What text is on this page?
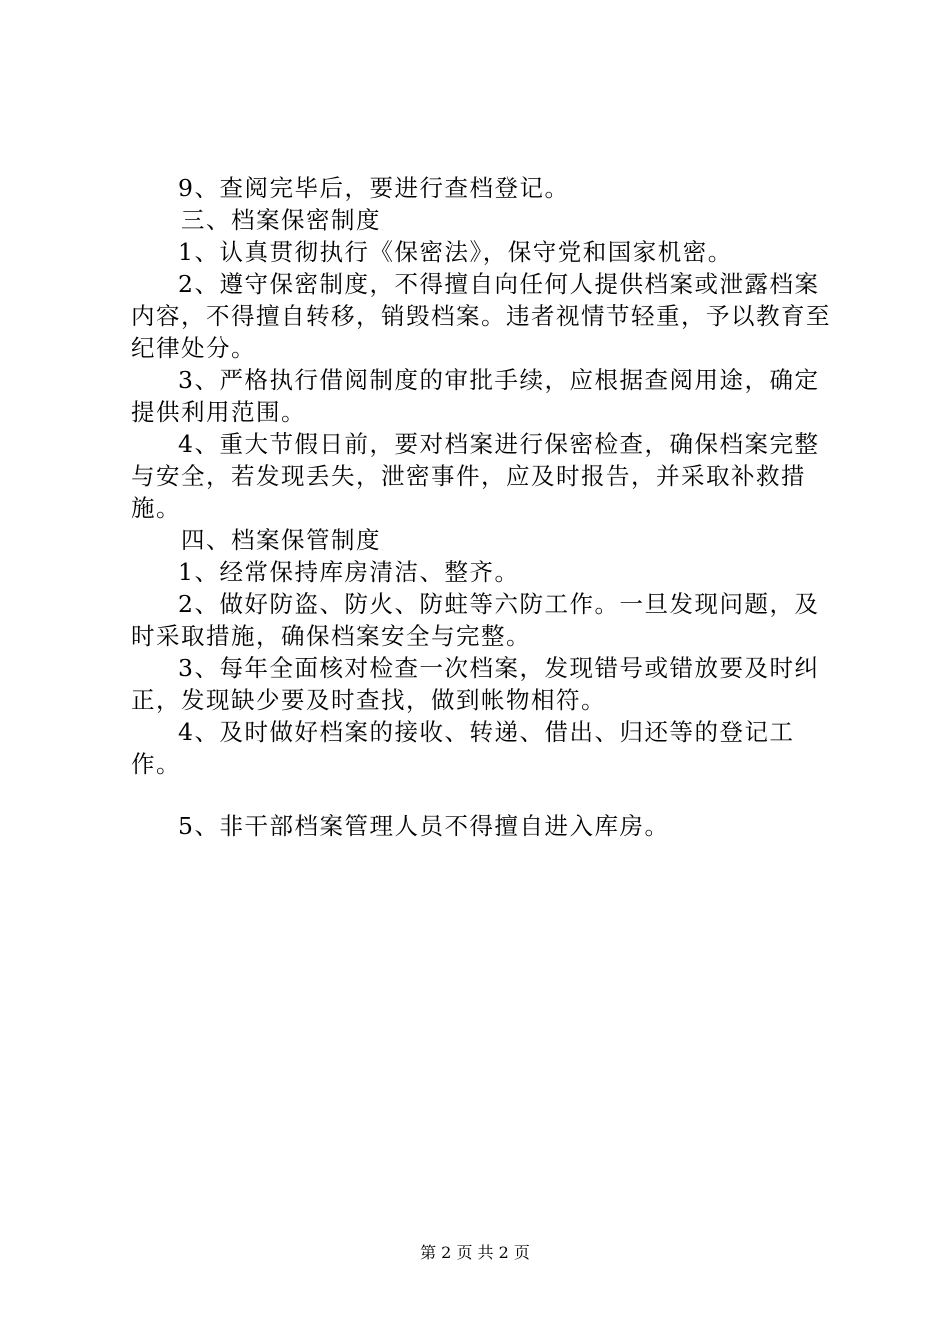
9、查阅完毕后，要进行查档登记。

三、档案保密制度

1、认真贯彻执行《保密法》，保守党和国家机密。

2、遵守保密制度，不得擅自向任何人提供档案或泄露档案内容，不得擅自转移，销毁档案。违者视情节轻重，予以教育至纪律处分。

3、严格执行借阅制度的审批手续，应根据查阅用途，确定提供利用范围。

4、重大节假日前，要对档案进行保密检查，确保档案完整与安全，若发现丢失，泄密事件，应及时报告，并采取补救措施。

四、档案保管制度

1、经常保持库房清洁、整齐。

2、做好防盗、防火、防蛀等六防工作。一旦发现问题，及时采取措施，确保档案安全与完整。

3、每年全面核对检查一次档案，发现错号或错放要及时纠正，发现缺少要及时查找，做到帐物相符。

4、及时做好档案的接收、转递、借出、归还等的登记工作。

5、非干部档案管理人员不得擅自进入库房。

第 2 页 共 2 页
